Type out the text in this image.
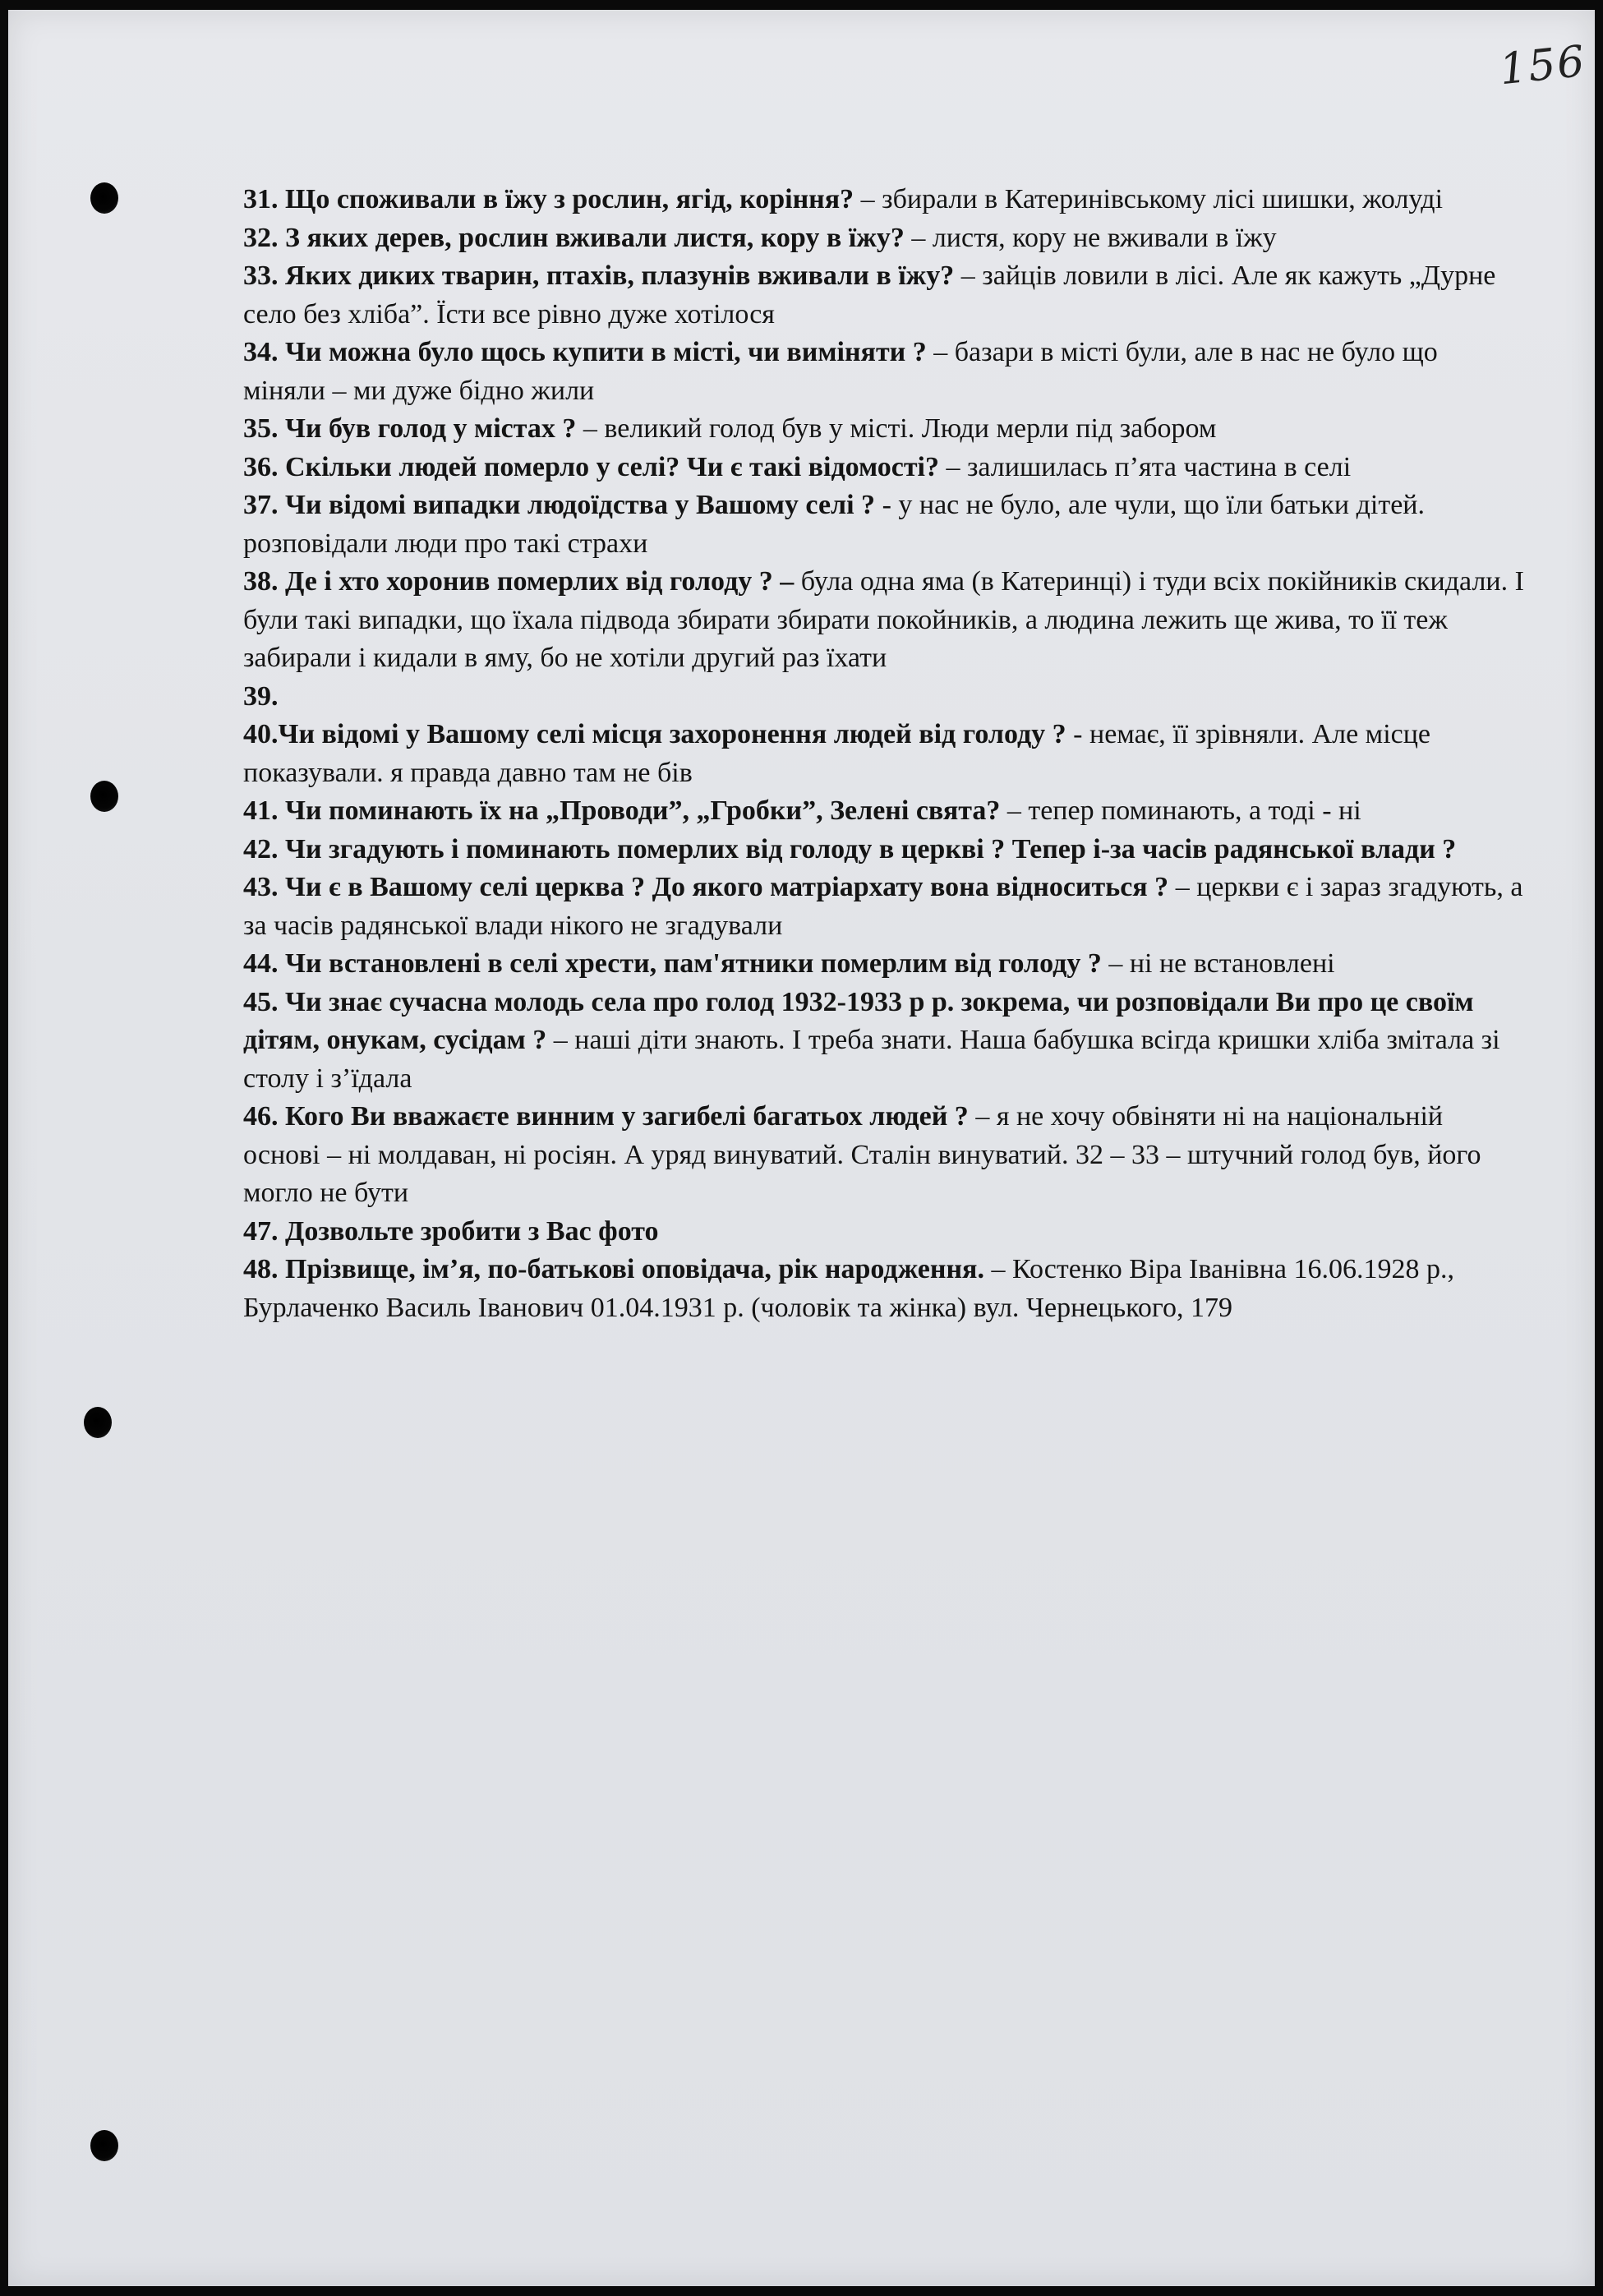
156

31. Що споживали в їжу з рослин, ягід, коріння? – збирали в Катеринівському лісі шишки, жолуді

32. З яких дерев, рослин вживали листя, кору в їжу? – листя, кору не вживали в їжу

33. Яких диких тварин, птахів, плазунів вживали в їжу? – зайців ловили в лісі. Але як кажуть „Дурне село без хліба”. Їсти все рівно дуже хотілося

34. Чи можна було щось купити в місті, чи виміняти ? – базари в місті були, але в нас не було що міняли – ми дуже бідно жили

35. Чи був голод у містах ? – великий голод був у місті. Люди мерли під забором

36. Скільки людей померло у селі? Чи є такі відомості? – залишилась п’ята частина в селі

37. Чи відомі випадки людоїдства у Вашому селі ? - у нас не було, але чули, що їли батьки дітей. розповідали люди про такі страхи

38. Де і хто хоронив померлих від голоду ? – була одна яма (в Катеринці) і туди всіх покійників скидали. І були такі випадки, що їхала підвода збирати збирати покойників, а людина лежить ще жива, то її теж забирали і кидали в яму, бо не хотіли другий раз їхати

39.

40.Чи відомі у Вашому селі місця захоронення людей від голоду ? - немає, її зрівняли. Але місце показували. я правда давно там не бів

41. Чи поминають їх на „Проводи”, „Гробки”, Зелені свята? – тепер поминають, а тоді - ні

42. Чи згадують і поминають померлих від голоду в церкві ? Тепер і-за часів радянської влади ?

43. Чи є в Вашому селі церква ? До якого матріархату вона відноситься ? – церкви є і зараз згадують, а за часів радянської влади нікого не згадували

44. Чи встановлені в селі хрести, пам'ятники померлим від голоду ? – ні не встановлені

45. Чи знає сучасна молодь села про голод 1932-1933 р р. зокрема, чи розповідали Ви про це своїм дітям, онукам, сусідам ? – наші діти знають. І треба знати. Наша бабушка всігда кришки хліба змітала зі столу і з’їдала

46. Кого Ви вважаєте винним у загибелі багатьох людей ? – я не хочу обвіняти ні на національній основі – ні молдаван, ні росіян. А уряд винуватий. Сталін винуватий. 32 – 33 – штучний голод був, його могло не бути

47. Дозвольте зробити з Вас фото

48. Прізвище, ім’я, по-батькові оповідача, рік народження. – Костенко Віра Іванівна 16.06.1928 р., Бурлаченко Василь Іванович 01.04.1931 р. (чоловік та жінка) вул. Чернецького, 179
